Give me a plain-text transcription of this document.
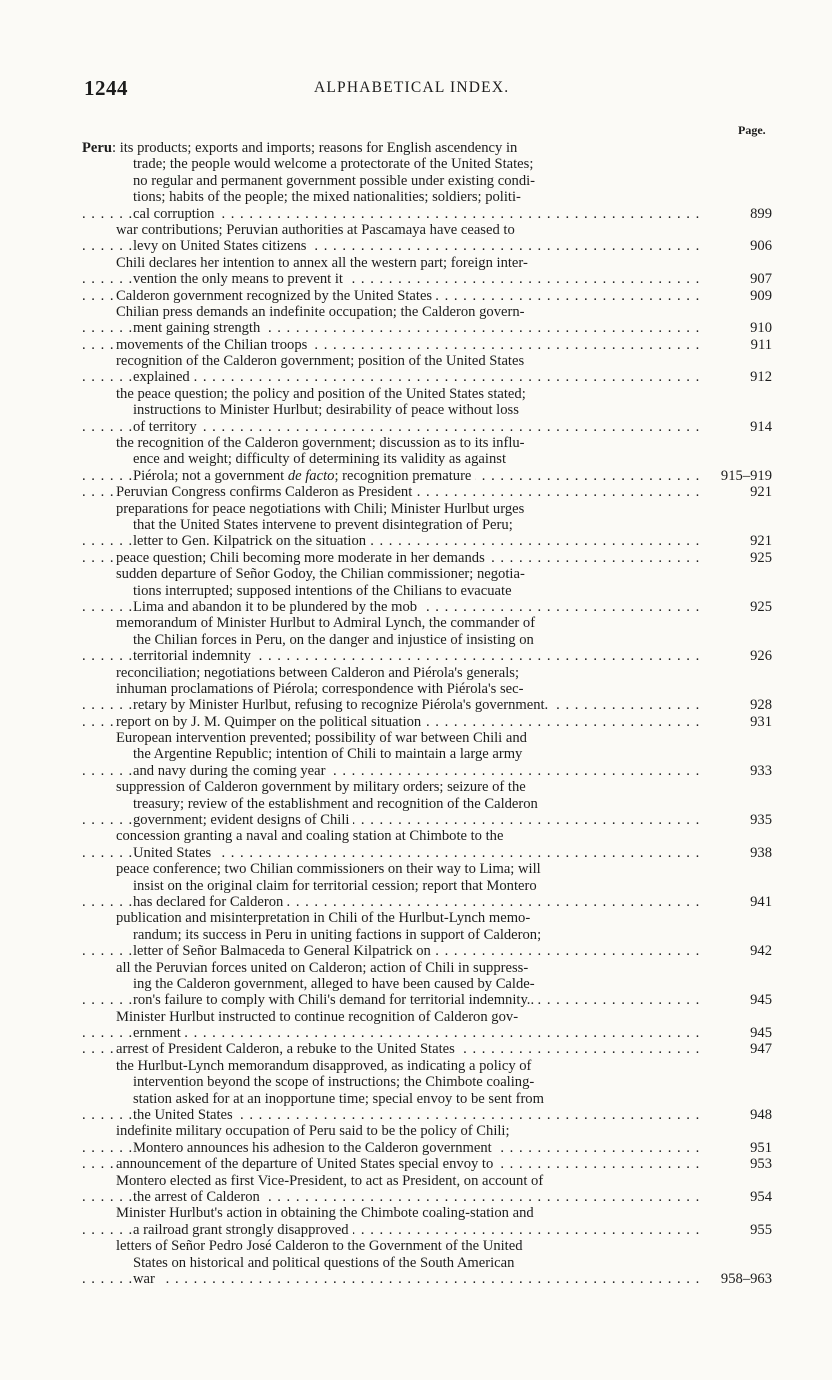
1244	ALPHABETICAL INDEX.
Page.
Peru: its products; exports and imports; reasons for English ascendency in
trade; the people would welcome a protectorate of the United States;
no regular and permanent government possible under existing condi-
tions; habits of the people; the mixed nationalities; soldiers; politi-
cal corruption . . .	899
war contributions; Peruvian authorities at Pascamaya have ceased to
levy on United States citizens . . .	906
Chili declares her intention to annex all the western part; foreign inter-
vention the only means to prevent it . . .	907
Calderon government recognized by the United States . . .	909
Chilian press demands an indefinite occupation; the Calderon govern-
ment gaining strength . . .	910
movements of the Chilian troops . . .	911
recognition of the Calderon government; position of the United States
explained . . .	912
the peace question; the policy and position of the United States stated;
instructions to Minister Hurlbut; desirability of peace without loss
of territory . . .	914
the recognition of the Calderon government; discussion as to its influ-
ence and weight; difficulty of determining its validity as against
Piérola; not a government de facto; recognition premature . . .	915–919
Peruvian Congress confirms Calderon as President . . .	921
preparations for peace negotiations with Chili; Minister Hurlbut urges
that the United States intervene to prevent disintegration of Peru;
letter to Gen. Kilpatrick on the situation . . .	921
peace question; Chili becoming more moderate in her demands . . .	925
sudden departure of Señor Godoy, the Chilian commissioner; negotia-
tions interrupted; supposed intentions of the Chilians to evacuate
Lima and abandon it to be plundered by the mob . . .	925
memorandum of Minister Hurlbut to Admiral Lynch, the commander of
the Chilian forces in Peru, on the danger and injustice of insisting on
territorial indemnity . . .	926
reconciliation; negotiations between Calderon and Piérola's generals;
inhuman proclamations of Piérola; correspondence with Piérola's sec-
retary by Minister Hurlbut, refusing to recognize Piérola's government. . . .	928
report on by J. M. Quimper on the political situation . . .	931
European intervention prevented; possibility of war between Chili and
the Argentine Republic; intention of Chili to maintain a large army
and navy during the coming year . . .	933
suppression of Calderon government by military orders; seizure of the
treasury; review of the establishment and recognition of the Calderon
government; evident designs of Chili . . .	935
concession granting a naval and coaling station at Chimbote to the
United States . . .	938
peace conference; two Chilian commissioners on their way to Lima; will
insist on the original claim for territorial cession; report that Montero
has declared for Calderon . . .	941
publication and misinterpretation in Chili of the Hurlbut-Lynch memo-
randum; its success in Peru in uniting factions in support of Calderon;
letter of Señor Balmaceda to General Kilpatrick on . . .	942
all the Peruvian forces united on Calderon; action of Chili in suppress-
ing the Calderon government, alleged to have been caused by Calde-
ron's failure to comply with Chili's demand for territorial indemnity.. . . .	945
Minister Hurlbut instructed to continue recognition of Calderon gov-
ernment . . .	945
arrest of President Calderon, a rebuke to the United States . . .	947
the Hurlbut-Lynch memorandum disapproved, as indicating a policy of
intervention beyond the scope of instructions; the Chimbote coaling-
station asked for at an inopportune time; special envoy to be sent from
the United States . . .	948
indefinite military occupation of Peru said to be the policy of Chili;
Montero announces his adhesion to the Calderon government . . .	951
announcement of the departure of United States special envoy to . . .	953
Montero elected as first Vice-President, to act as President, on account of
the arrest of Calderon . . .	954
Minister Hurlbut's action in obtaining the Chimbote coaling-station and
a railroad grant strongly disapproved . . .	955
letters of Señor Pedro José Calderon to the Government of the United
States on historical and political questions of the South American
war . . .	958–963
